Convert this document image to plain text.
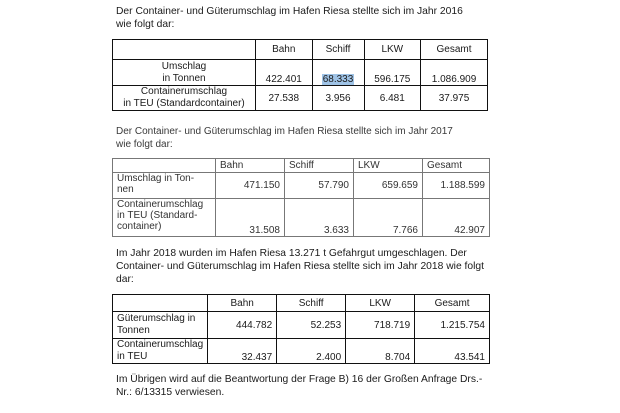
Der Container- und Güterumschlag im Hafen Riesa stellte sich im Jahr 2016 wie folgt dar:
	Bahn	Schiff	LKW	Gesamt

Umschlag
in Tonnen	422.401	68.333	596.175	1.086.909

Containerumschlag
in TEU (Standardcontainer)	27.538	3.956	6.481	37.975
Der Container- und Güterumschlag im Hafen Riesa stellte sich im Jahr 2017
wie folgt dar:
	Bahn	Schiff	LKW	Gesamt

Umschlag in Ton-
nen	471.150	57.790	659.659	1.188.599

Containerumschlag
in TEU (Standard-
container)	31.508	3.633	7.766	42.907
Im Jahr 2018 wurden im Hafen Riesa 13.271 t Gefahrgut umgeschlagen. Der Container- und Güterumschlag im Hafen Riesa stellte sich im Jahr 2018 wie folgt dar:
	Bahn	Schiff	LKW	Gesamt

Güterumschlag in
Tonnen	444.782	52.253	718.719	1.215.754

Containerumschlag
in TEU	32.437	2.400	8.704	43.541
Im Übrigen wird auf die Beantwortung der Frage B) 16 der Großen Anfrage Drs.-Nr.: 6/13315 verwiesen.
